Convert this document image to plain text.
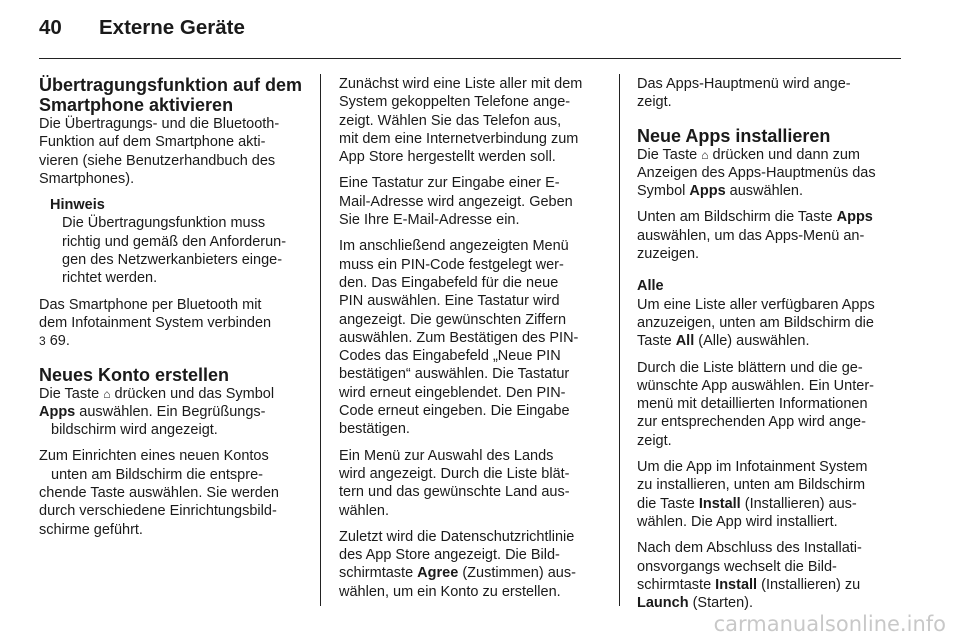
40 Externe Geräte
Übertragungsfunktion auf dem
Smartphone aktivieren
Die Übertragungs- und die Bluetooth-
Funktion auf dem Smartphone akti-
vieren (siehe Benutzerhandbuch des
Smartphones).
Hinweis
Die Übertragungsfunktion muss
richtig und gemäß den Anforderun-
gen des Netzwerkanbieters einge-
richtet werden.
Das Smartphone per Bluetooth mit
dem Infotainment System verbinden
3 69.
Neues Konto erstellen
Die Taste ⌂ drücken und das Symbol
Apps auswählen. Ein Begrüßungs-
bildschirm wird angezeigt.
Zum Einrichten eines neuen Kontos
unten am Bildschirm die entspre-
chende Taste auswählen. Sie werden
durch verschiedene Einrichtungsbild-
schirme geführt.
Zunächst wird eine Liste aller mit dem
System gekoppelten Telefone ange-
zeigt. Wählen Sie das Telefon aus,
mit dem eine Internetverbindung zum
App Store hergestellt werden soll.
Eine Tastatur zur Eingabe einer E-
Mail-Adresse wird angezeigt. Geben
Sie Ihre E-Mail-Adresse ein.
Im anschließend angezeigten Menü
muss ein PIN-Code festgelegt wer-
den. Das Eingabefeld für die neue
PIN auswählen. Eine Tastatur wird
angezeigt. Die gewünschten Ziffern
auswählen. Zum Bestätigen des PIN-
Codes das Eingabefeld „Neue PIN
bestätigen“ auswählen. Die Tastatur
wird erneut eingeblendet. Den PIN-
Code erneut eingeben. Die Eingabe
bestätigen.
Ein Menü zur Auswahl des Lands
wird angezeigt. Durch die Liste blät-
tern und das gewünschte Land aus-
wählen.
Zuletzt wird die Datenschutzrichtlinie
des App Store angezeigt. Die Bild-
schirmtaste Agree (Zustimmen) aus-
wählen, um ein Konto zu erstellen.
Das Apps-Hauptmenü wird ange-
zeigt.
Neue Apps installieren
Die Taste ⌂ drücken und dann zum
Anzeigen des Apps-Hauptmenüs das
Symbol Apps auswählen.
Unten am Bildschirm die Taste Apps
auswählen, um das Apps-Menü an-
zuzeigen.
Alle
Um eine Liste aller verfügbaren Apps
anzuzeigen, unten am Bildschirm die
Taste All (Alle) auswählen.
Durch die Liste blättern und die ge-
wünschte App auswählen. Ein Unter-
menü mit detaillierten Informationen
zur entsprechenden App wird ange-
zeigt.
Um die App im Infotainment System
zu installieren, unten am Bildschirm
die Taste Install (Installieren) aus-
wählen. Die App wird installiert.
Nach dem Abschluss des Installati-
onsvorgangs wechselt die Bild-
schirmtaste Install (Installieren) zu
Launch (Starten).
carmanualsonline.info
